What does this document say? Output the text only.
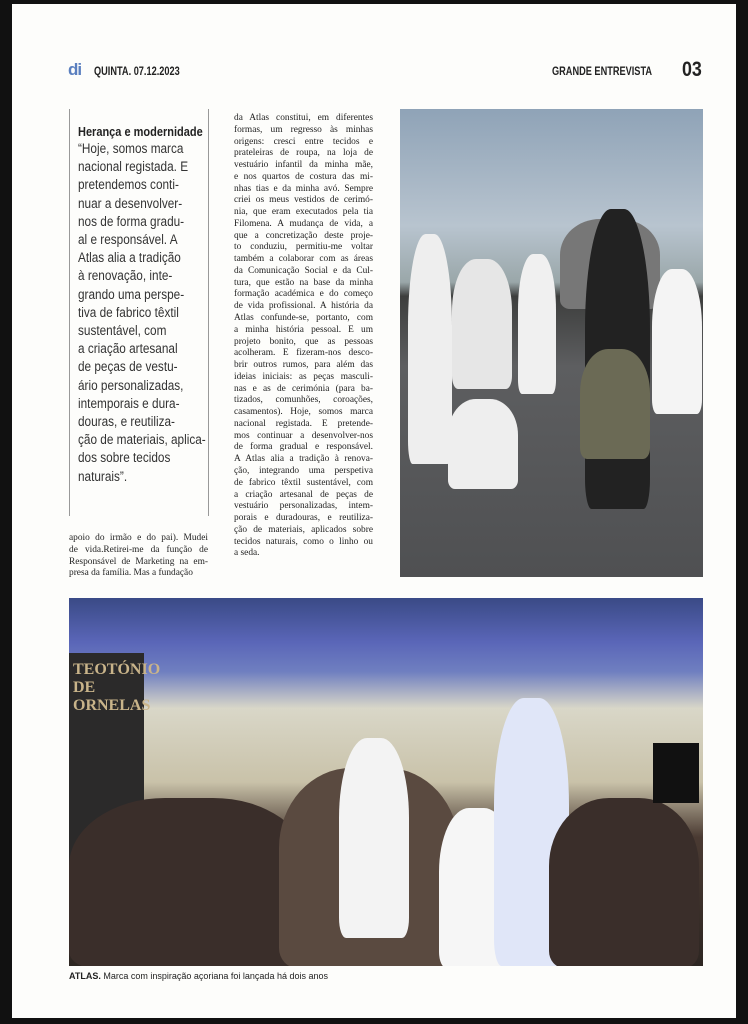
di QUINTA. 07.12.2023	GRANDE ENTREVISTA 03
Herança e modernidade
“Hoje, somos marca
nacional registada. E
pretendemos conti-
nuar a desenvolver-
nos de forma gradu-
al e responsável. A
Atlas alia a tradição
à renovação, inte-
grando uma perspe-
tiva de fabrico têxtil
sustentável, com
a criação artesanal
de peças de vestu-
ário personalizadas,
intemporais e dura-
douras, e reutiliza-
ção de materiais, aplica-
dos sobre tecidos
naturais”.
apoio do irmão e do pai). Mudei
de vida.Retirei-me da função de
Responsável de Marketing na em-
presa da família. Mas a fundação
da Atlas constitui, em diferentes
formas, um regresso às minhas
origens: cresci entre tecidos e
prateleiras de roupa, na loja de
vestuário infantil da minha mãe,
e nos quartos de costura das mi-
nhas tias e da minha avó. Sempre
criei os meus vestidos de cerimó-
nia, que eram executados pela tia
Filomena. A mudança de vida, a
que a concretização deste proje-
to conduziu, permitiu-me voltar
também a colaborar com as áreas
da Comunicação Social e da Cul-
tura, que estão na base da minha
formação académica e do começo
de vida profissional. A história da
Atlas confunde-se, portanto, com
a minha história pessoal. É um
projeto bonito, que as pessoas
acolheram. E fizeram-nos desco-
brir outros rumos, para além das
ideias iniciais: as peças masculi-
nas e as de cerimónia (para ba-
tizados, comunhões, coroações,
casamentos). Hoje, somos marca
nacional registada. E pretende-
mos continuar a desenvolver-nos
de forma gradual e responsável.
A Atlas alia a tradição à renova-
ção, integrando uma perspetiva
de fabrico têxtil sustentável, com
a criação artesanal de peças de
vestuário personalizadas, intem-
porais e duradouras, e reutiliza-
ção de materiais, aplicados sobre
tecidos naturais, como o linho ou
a seda.
TEOTÓNIO DE ORNELAS
ATLAS. Marca com inspiração açoriana foi lançada há dois anos
